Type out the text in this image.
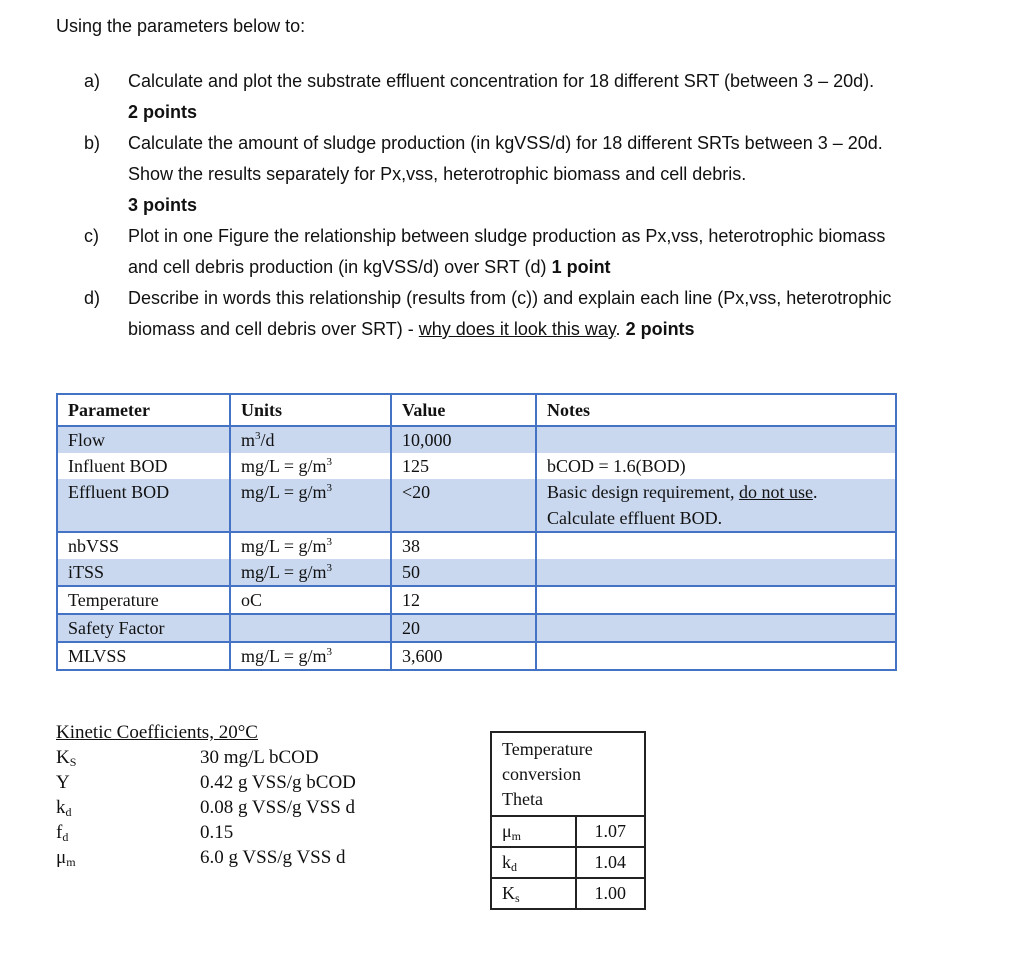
Using the parameters below to:
a)	Calculate and plot the substrate effluent concentration for 18 different SRT (between 3 – 20d).
2 points
b)	Calculate the amount of sludge production (in kgVSS/d) for 18 different SRTs between 3 – 20d.
Show the results separately for Px,vss, heterotrophic biomass and cell debris.
3 points
c)	Plot in one Figure the relationship between sludge production as Px,vss, heterotrophic biomass
and cell debris production (in kgVSS/d) over SRT (d) 1 point
d)	Describe in words this relationship (results from (c)) and explain each line (Px,vss, heterotrophic
biomass and cell debris over SRT) - why does it look this way. 2 points
Parameter	Units	Value	Notes
Flow	$m^3/d$	10,000	
Influent BOD	$mg/L = g/m^3$	125	bCOD = 1.6(BOD)
Effluent BOD	$mg/L = g/m^3$	<20	Basic design requirement, do not use.
Calculate effluent BOD.
nbVSS	$mg/L = g/m^3$	38	
iTSS	$mg/L = g/m^3$	50	
Temperature	oC	12	
Safety Factor		20	
MLVSS	$mg/L = g/m^3$	3,600	
Kinetic Coefficients, 20°C
$K_S$	30 mg/L bCOD
Y	0.42 g VSS/g bCOD
$k_d$	0.08 g VSS/g VSS d
$f_d$	0.15
$\mu_m$	6.0 g VSS/g VSS d
Temperature
conversion
Theta	

$\mu_m$	1.07
$k_d$	1.04
$K_s$	1.00
